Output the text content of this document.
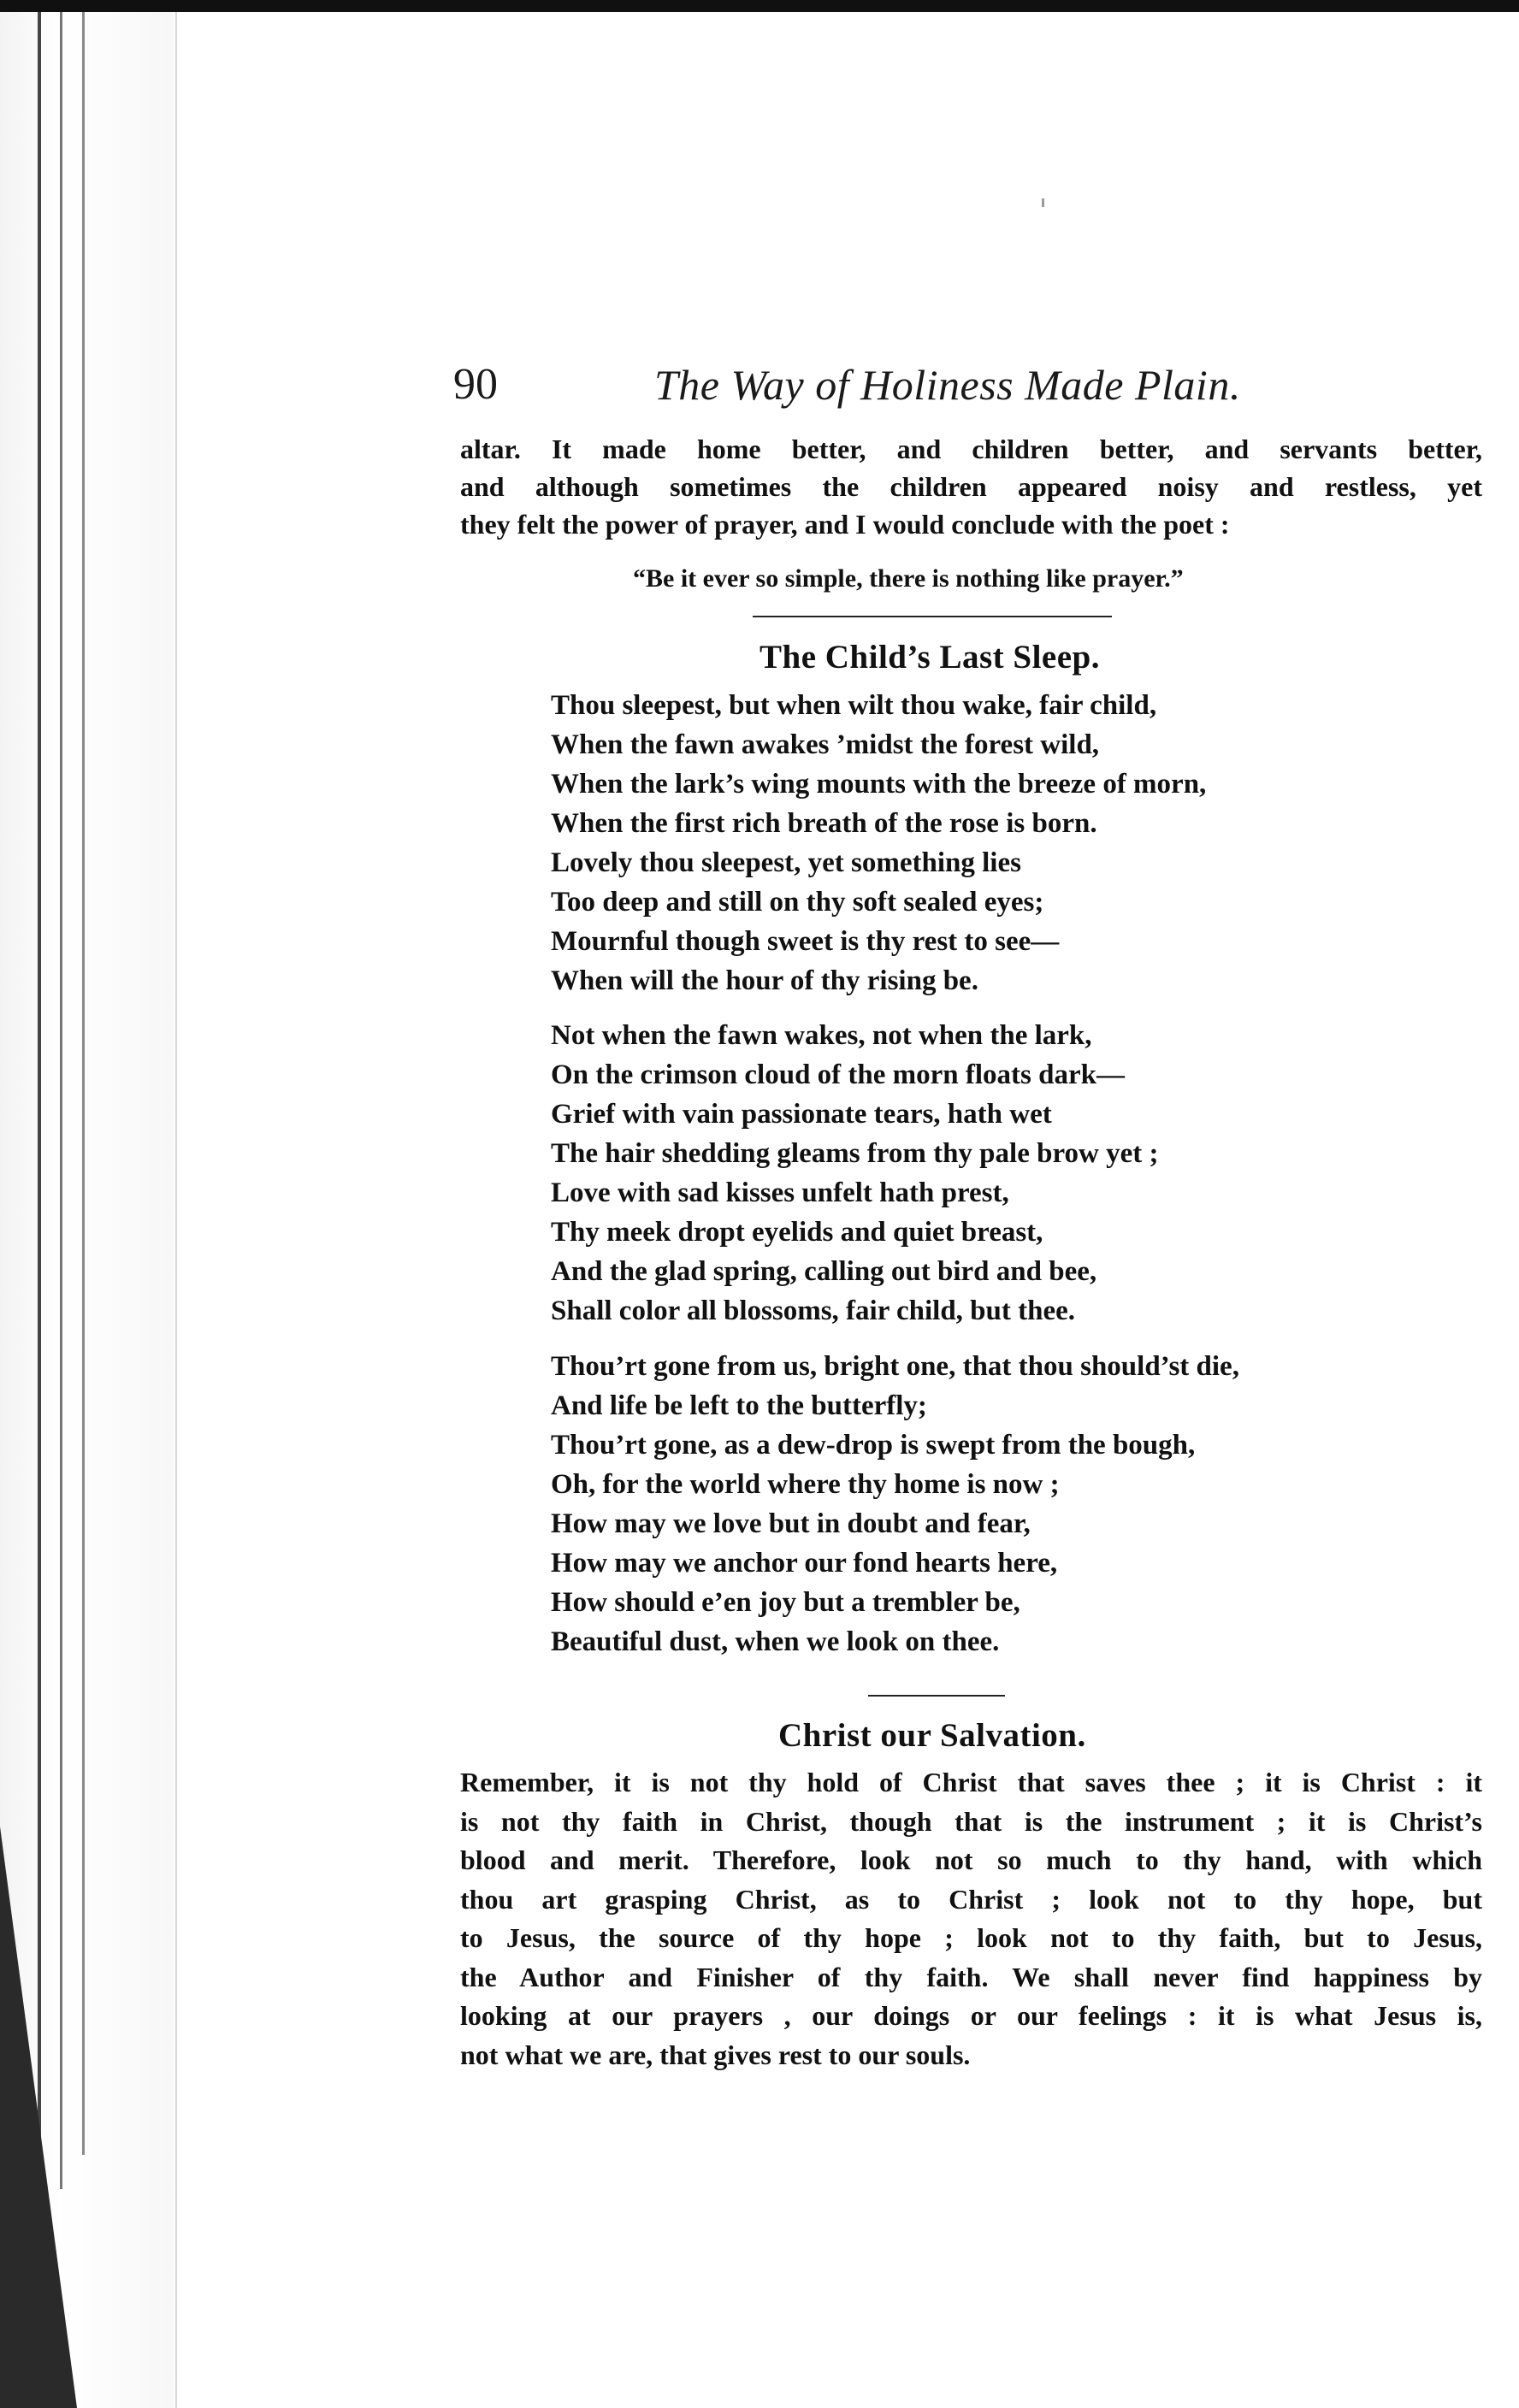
90	The Way of Holiness Made Plain.
altar. It made home better, and children better, and servants better,
and although sometimes the children appeared noisy and restless, yet
they felt the power of prayer, and I would conclude with the poet :
“Be it ever so simple, there is nothing like prayer.”
The Child’s Last Sleep.
Thou sleepest, but when wilt thou wake, fair child,
When the fawn awakes ’midst the forest wild,
When the lark’s wing mounts with the breeze of morn,
When the first rich breath of the rose is born.
Lovely thou sleepest, yet something lies
Too deep and still on thy soft sealed eyes;
Mournful though sweet is thy rest to see—
When will the hour of thy rising be.
Not when the fawn wakes, not when the lark,
On the crimson cloud of the morn floats dark—
Grief with vain passionate tears, hath wet
The hair shedding gleams from thy pale brow yet ;
Love with sad kisses unfelt hath prest,
Thy meek dropt eyelids and quiet breast,
And the glad spring, calling out bird and bee,
Shall color all blossoms, fair child, but thee.
Thou’rt gone from us, bright one, that thou should’st die,
And life be left to the butterfly;
Thou’rt gone, as a dew-drop is swept from the bough,
Oh, for the world where thy home is now ;
How may we love but in doubt and fear,
How may we anchor our fond hearts here,
How should e’en joy but a trembler be,
Beautiful dust, when we look on thee.
Christ our Salvation.
Remember, it is not thy hold of Christ that saves thee ; it is Christ : it
is not thy faith in Christ, though that is the instrument ; it is Christ’s
blood and merit. Therefore, look not so much to thy hand, with which
thou art grasping Christ, as to Christ ; look not to thy hope, but
to Jesus, the source of thy hope ; look not to thy faith, but to Jesus,
the Author and Finisher of thy faith. We shall never find happiness by
looking at our prayers , our doings or our feelings : it is what Jesus is,
not what we are, that gives rest to our souls.
